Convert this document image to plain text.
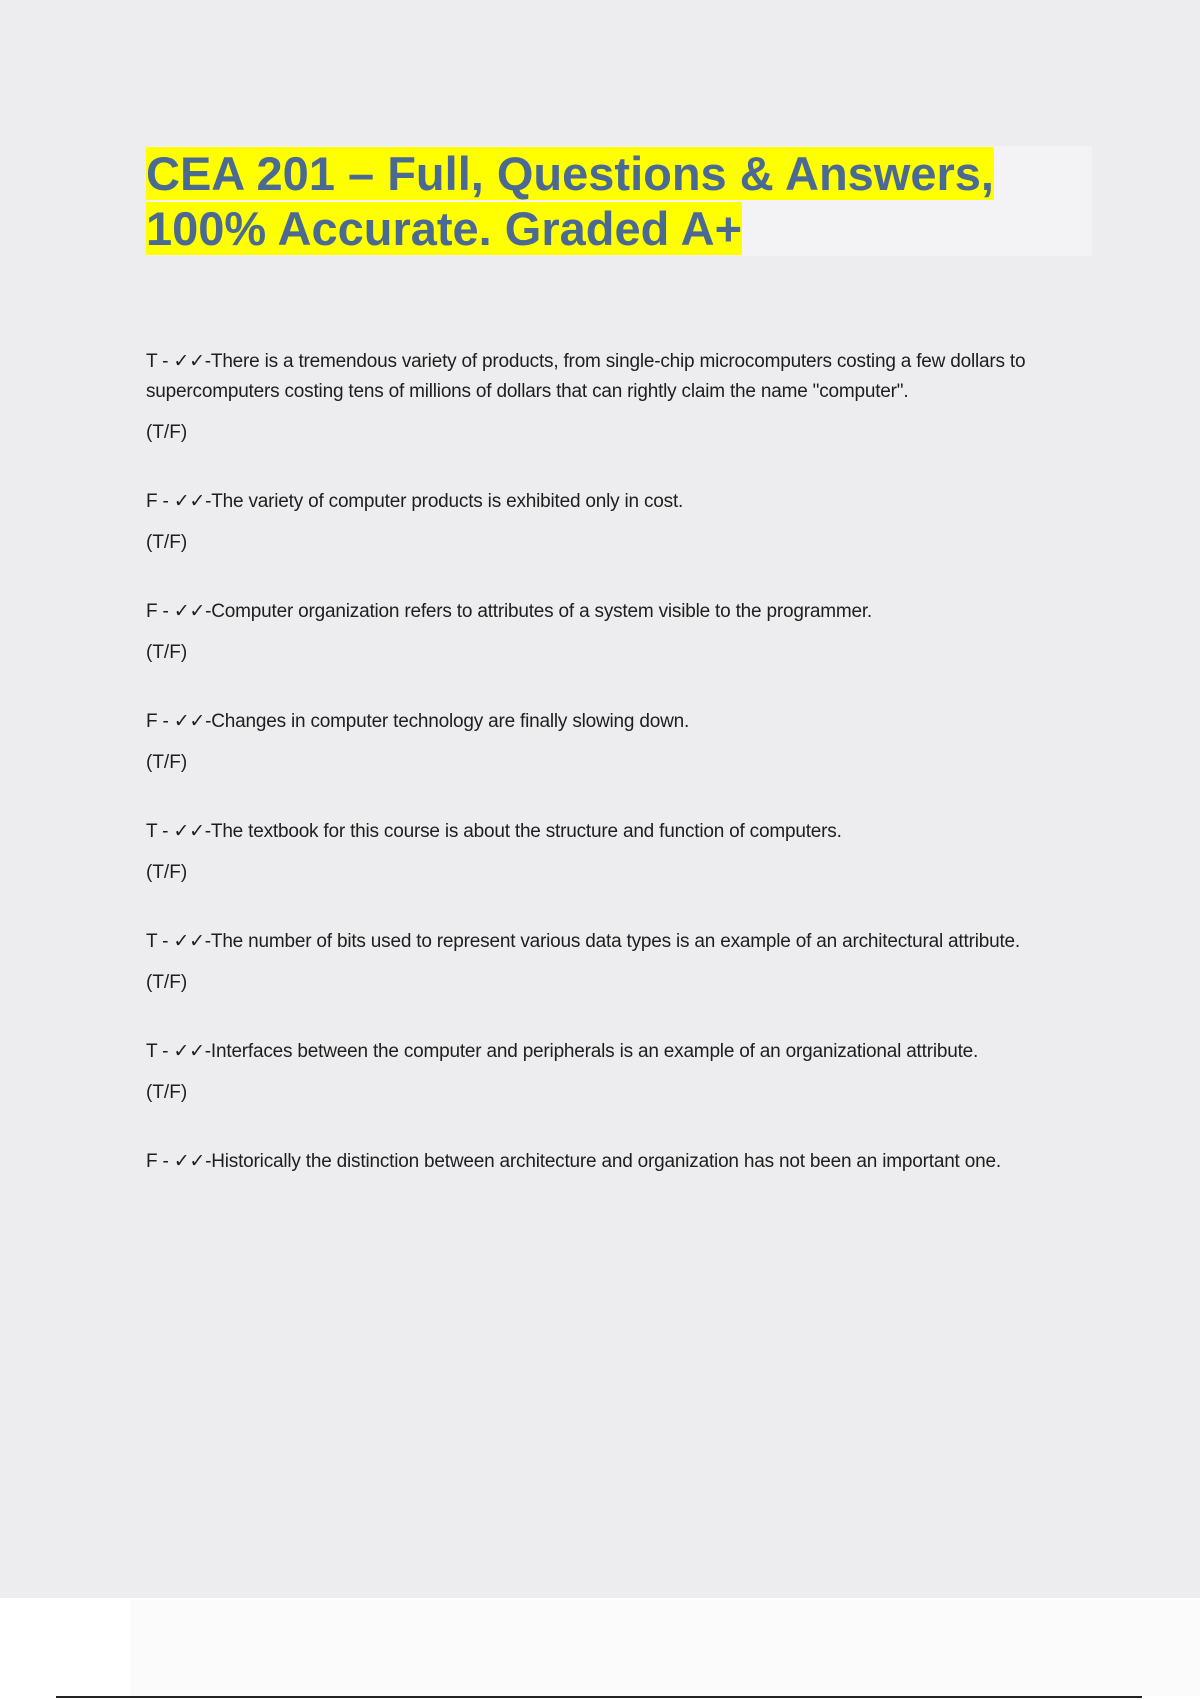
CEA 201 – Full, Questions & Answers,
100% Accurate. Graded A+

T - ✓✓-There is a tremendous variety of products, from single-chip microcomputers costing a few dollars to supercomputers costing tens of millions of dollars that can rightly claim the name "computer".

(T/F)

F - ✓✓-The variety of computer products is exhibited only in cost.

(T/F)

F - ✓✓-Computer organization refers to attributes of a system visible to the programmer.

(T/F)

F - ✓✓-Changes in computer technology are finally slowing down.

(T/F)

T - ✓✓-The textbook for this course is about the structure and function of computers.

(T/F)

T - ✓✓-The number of bits used to represent various data types is an example of an architectural attribute.

(T/F)

T - ✓✓-Interfaces between the computer and peripherals is an example of an organizational attribute.

(T/F)

F - ✓✓-Historically the distinction between architecture and organization has not been an important one.
